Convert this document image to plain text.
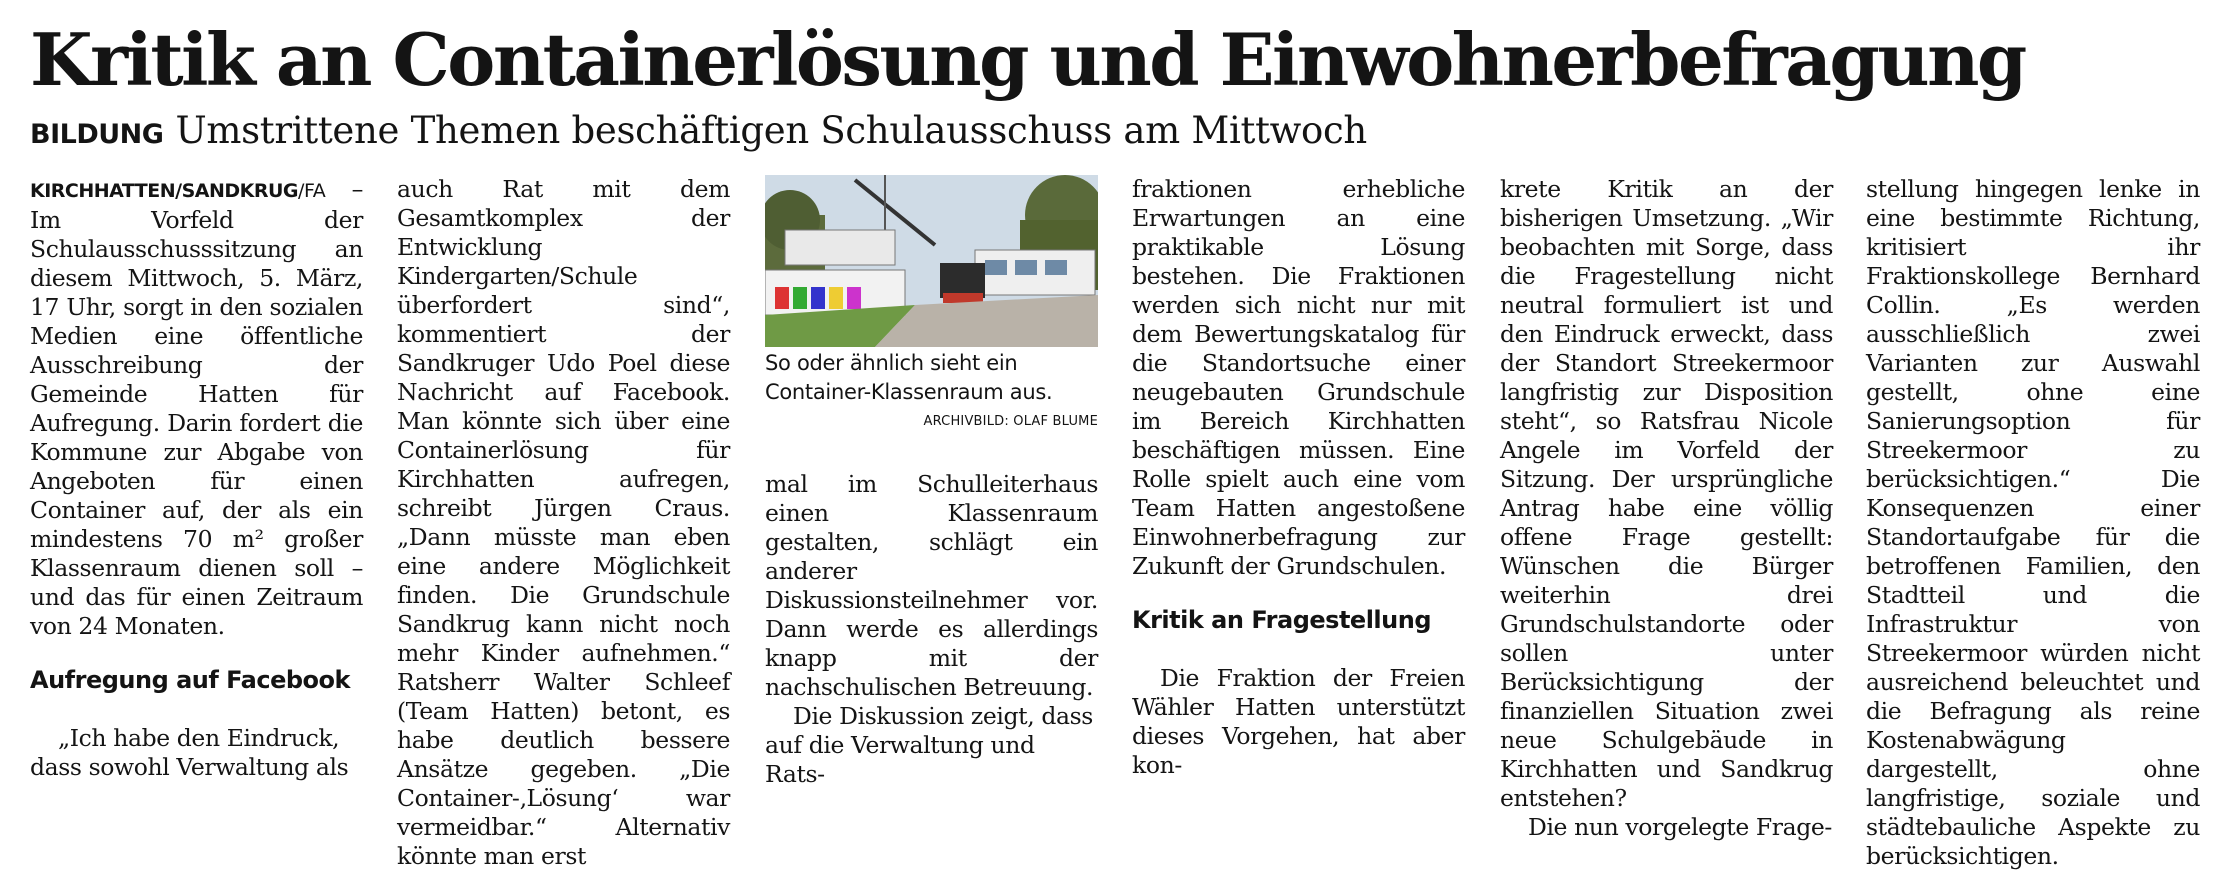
Kritik an Containerlösung und Einwohnerbefragung
BILDUNG Umstrittene Themen beschäftigen Schulausschuss am Mittwoch

KIRCHHATTEN/SANDKRUG/FA – Im Vorfeld der Schulausschusssitzung an diesem Mittwoch, 5. März, 17 Uhr, sorgt in den sozialen Medien eine öffentliche Ausschreibung der Gemeinde Hatten für Aufregung. Darin fordert die Kommune zur Abgabe von Angeboten für einen Container auf, der als ein mindestens 70 m² großer Klassenraum dienen soll – und das für einen Zeitraum von 24 Monaten.

Aufregung auf Facebook

„Ich habe den Eindruck, dass sowohl Verwaltung als

auch Rat mit dem Gesamtkomplex der Entwicklung Kindergarten/Schule überfordert sind“, kommentiert der Sandkruger Udo Poel diese Nachricht auf Facebook. Man könnte sich über eine Containerlösung für Kirchhatten aufregen, schreibt Jürgen Craus. „Dann müsste man eben eine andere Möglichkeit finden. Die Grundschule Sandkrug kann nicht noch mehr Kinder aufnehmen.“ Ratsherr Walter Schleef (Team Hatten) betont, es habe deutlich bessere Ansätze gegeben. „Die Container-‚Lösung‘ war vermeidbar.“ Alternativ könnte man erst

So oder ähnlich sieht ein Container-Klassenraum aus.
ARCHIVBILD: OLAF BLUME

mal im Schulleiterhaus einen Klassenraum gestalten, schlägt ein anderer Diskussionsteilnehmer vor. Dann werde es allerdings knapp mit der nachschulischen Betreuung.

Die Diskussion zeigt, dass auf die Verwaltung und Rats-

fraktionen erhebliche Erwartungen an eine praktikable Lösung bestehen. Die Fraktionen werden sich nicht nur mit dem Bewertungskatalog für die Standortsuche einer neugebauten Grundschule im Bereich Kirchhatten beschäftigen müssen. Eine Rolle spielt auch eine vom Team Hatten angestoßene Einwohnerbefragung zur Zukunft der Grundschulen.

Kritik an Fragestellung

Die Fraktion der Freien Wähler Hatten unterstützt dieses Vorgehen, hat aber kon-

krete Kritik an der bisherigen Umsetzung. „Wir beobachten mit Sorge, dass die Fragestellung nicht neutral formuliert ist und den Eindruck erweckt, dass der Standort Streekermoor langfristig zur Disposition steht“, so Ratsfrau Nicole Angele im Vorfeld der Sitzung. Der ursprüngliche Antrag habe eine völlig offene Frage gestellt: Wünschen die Bürger weiterhin drei Grundschulstandorte oder sollen unter Berücksichtigung der finanziellen Situation zwei neue Schulgebäude in Kirchhatten und Sandkrug entstehen?

Die nun vorgelegte Frage-

stellung hingegen lenke in eine bestimmte Richtung, kritisiert ihr Fraktionskollege Bernhard Collin. „Es werden ausschließlich zwei Varianten zur Auswahl gestellt, ohne eine Sanierungsoption für Streekermoor zu berücksichtigen.“ Die Konsequenzen einer Standortaufgabe für die betroffenen Familien, den Stadtteil und die Infrastruktur von Streekermoor würden nicht ausreichend beleuchtet und die Befragung als reine Kostenabwägung dargestellt, ohne langfristige, soziale und städtebauliche Aspekte zu berücksichtigen.
